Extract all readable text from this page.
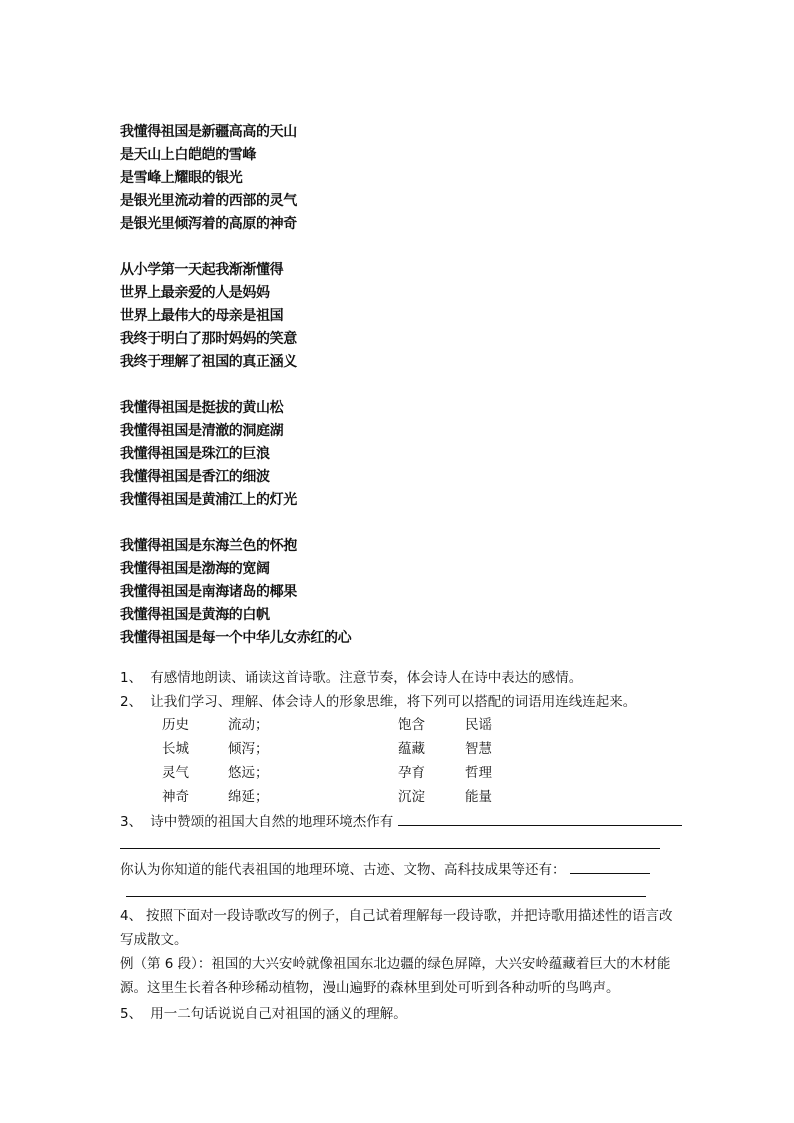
我懂得祖国是新疆高高的天山
是天山上白皑皑的雪峰
是雪峰上耀眼的银光
是银光里流动着的西部的灵气
是银光里倾泻着的高原的神奇
从小学第一天起我渐渐懂得
世界上最亲爱的人是妈妈
世界上最伟大的母亲是祖国
我终于明白了那时妈妈的笑意
我终于理解了祖国的真正涵义
我懂得祖国是挺拔的黄山松
我懂得祖国是清澈的洞庭湖
我懂得祖国是珠江的巨浪
我懂得祖国是香江的细波
我懂得祖国是黄浦江上的灯光
我懂得祖国是东海兰色的怀抱
我懂得祖国是渤海的宽阔
我懂得祖国是南海诸岛的椰果
我懂得祖国是黄海的白帆
我懂得祖国是每一个中华儿女赤红的心
1、 有感情地朗读、诵读这首诗歌。注意节奏，体会诗人在诗中表达的感情。
2、 让我们学习、理解、体会诗人的形象思维，将下列可以搭配的词语用连线连起来。
历史	流动；	饱含	民谣
长城	倾泻；	蕴藏	智慧
灵气	悠远；	孕育	哲理
神奇	绵延；	沉淀	能量
3、 诗中赞颂的祖国大自然的地理环境杰作有
你认为你知道的能代表祖国的地理环境、古迹、文物、高科技成果等还有：
4、 按照下面对一段诗歌改写的例子，自己试着理解每一段诗歌，并把诗歌用描述性的语言改
写成散文。
例（第 6 段）：祖国的大兴安岭就像祖国东北边疆的绿色屏障，大兴安岭蕴藏着巨大的木材能
源。这里生长着各种珍稀动植物，漫山遍野的森林里到处可听到各种动听的鸟鸣声。
5、 用一二句话说说自己对祖国的涵义的理解。
